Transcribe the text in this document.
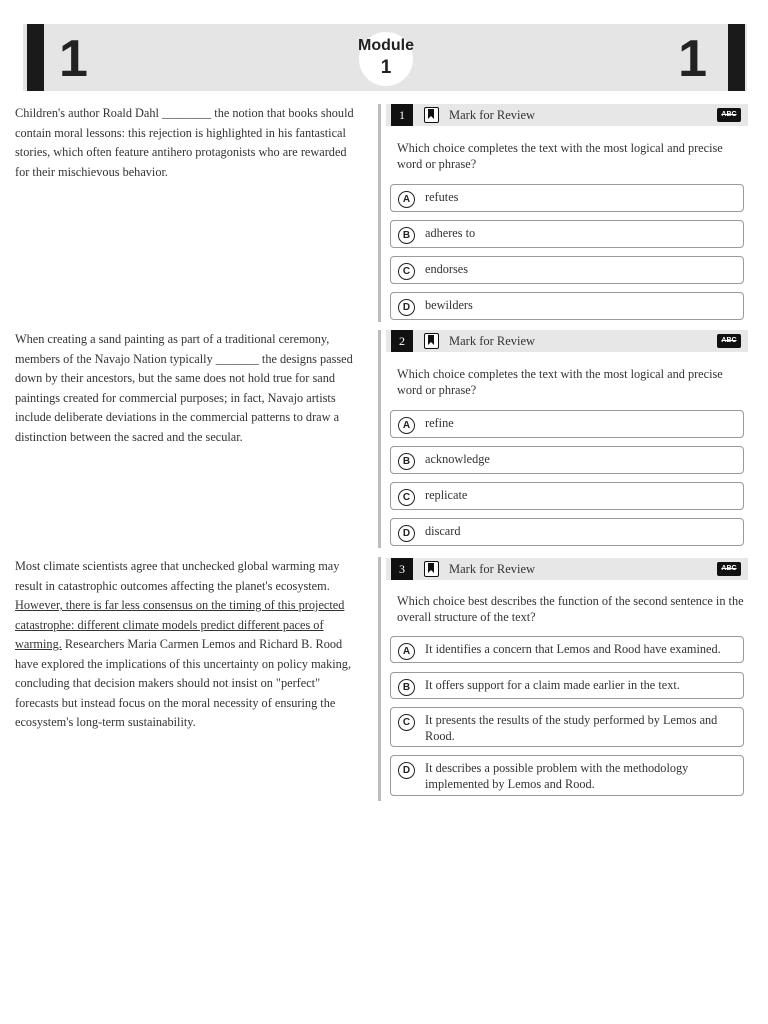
1	Module
1	1
Children's author Roald Dahl ________ the notion that books should contain moral lessons: this rejection is highlighted in his fantastical stories, which often feature antihero protagonists who are rewarded for their mischievous behavior.
1	Mark for Review	ABC
Which choice completes the text with the most logical and precise word or phrase?
A	refutes
B	adheres to
C	endorses
D	bewilders
When creating a sand painting as part of a traditional ceremony, members of the Navajo Nation typically _______ the designs passed down by their ancestors, but the same does not hold true for sand paintings created for commercial purposes; in fact, Navajo artists include deliberate deviations in the commercial patterns to draw a distinction between the sacred and the secular.
2	Mark for Review	ABC
Which choice completes the text with the most logical and precise word or phrase?
A	refine
B	acknowledge
C	replicate
D	discard
Most climate scientists agree that unchecked global warming may result in catastrophic outcomes affecting the planet's ecosystem. However, there is far less consensus on the timing of this projected catastrophe: different climate models predict different paces of warming. Researchers Maria Carmen Lemos and Richard B. Rood have explored the implications of this uncertainty on policy making, concluding that decision makers should not insist on "perfect" forecasts but instead focus on the moral necessity of ensuring the ecosystem's long-term sustainability.
3	Mark for Review	ABC
Which choice best describes the function of the second sentence in the overall structure of the text?
A	It identifies a concern that Lemos and Rood have examined.
B	It offers support for a claim made earlier in the text.
C	It presents the results of the study performed by Lemos and Rood.
D	It describes a possible problem with the methodology implemented by Lemos and Rood.
